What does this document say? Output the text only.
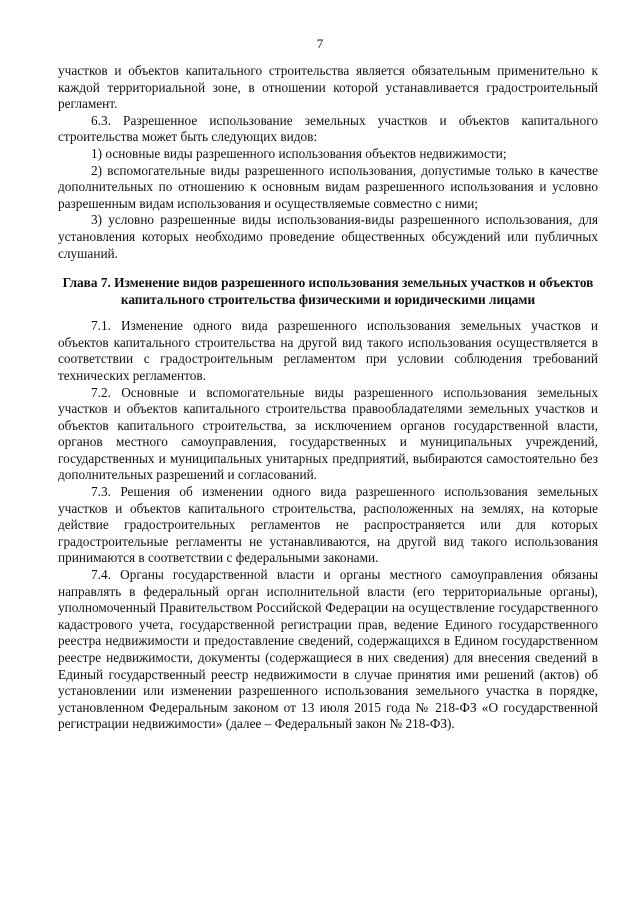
7

участков и объектов капитального строительства является обязательным применительно к каждой территориальной зоне, в отношении которой устанавливается градостроительный регламент.

6.3. Разрешенное использование земельных участков и объектов капитального строительства может быть следующих видов:

1) основные виды разрешенного использования объектов недвижимости;

2) вспомогательные виды разрешенного использования, допустимые только в качестве дополнительных по отношению к основным видам разрешенного использования и условно разрешенным видам использования и осуществляемые совместно с ними;

3) условно разрешенные виды использования-виды разрешенного использования, для установления которых необходимо проведение общественных обсуждений или публичных слушаний.

Глава 7. Изменение видов разрешенного использования земельных участков и объектов капитального строительства физическими и юридическими лицами

7.1. Изменение одного вида разрешенного использования земельных участков и объектов капитального строительства на другой вид такого использования осуществляется в соответствии с градостроительным регламентом при условии соблюдения требований технических регламентов.

7.2. Основные и вспомогательные виды разрешенного использования земельных участков и объектов капитального строительства правообладателями земельных участков и объектов капитального строительства, за исключением органов государственной власти, органов местного самоуправления, государственных и муниципальных учреждений, государственных и муниципальных унитарных предприятий, выбираются самостоятельно без дополнительных разрешений и согласований.

7.3. Решения об изменении одного вида разрешенного использования земельных участков и объектов капитального строительства, расположенных на землях, на которые действие градостроительных регламентов не распространяется или для которых градостроительные регламенты не устанавливаются, на другой вид такого использования принимаются в соответствии с федеральными законами.

7.4. Органы государственной власти и органы местного самоуправления обязаны направлять в федеральный орган исполнительной власти (его территориальные органы), уполномоченный Правительством Российской Федерации на осуществление государственного кадастрового учета, государственной регистрации прав, ведение Единого государственного реестра недвижимости и предоставление сведений, содержащихся в Едином государственном реестре недвижимости, документы (содержащиеся в них сведения) для внесения сведений в Единый государственный реестр недвижимости в случае принятия ими решений (актов) об установлении или изменении разрешенного использования земельного участка в порядке, установленном Федеральным законом от 13 июля 2015 года № 218-ФЗ «О государственной регистрации недвижимости» (далее – Федеральный закон № 218-ФЗ).
